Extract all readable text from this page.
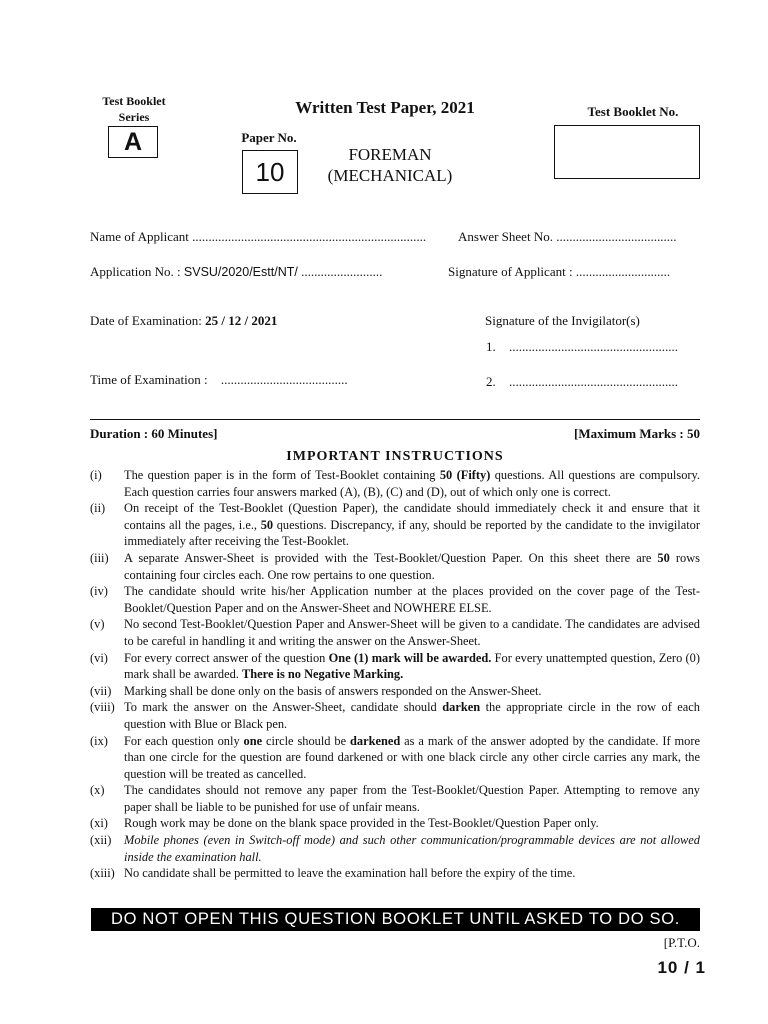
Test Booklet Series
A
Written Test Paper, 2021
Paper No.
10
FOREMAN
(MECHANICAL)
Test Booklet No.
Name of Applicant ........................................................................ Answer Sheet No. .....................................
Application No. : SVSU/2020/Estt/NT/ .........................	Signature of Applicant : .............................
Date of Examination: 25 / 12 / 2021	Signature of the Invigilator(s)
1. ....................................................
Time of Examination : .......................................	2. ....................................................
Duration : 60 Minutes]	[Maximum Marks : 50
IMPORTANT INSTRUCTIONS
(i)	The question paper is in the form of Test-Booklet containing 50 (Fifty) questions. All questions are compulsory. Each question carries four answers marked (A), (B), (C) and (D), out of which only one is correct.
(ii)	On receipt of the Test-Booklet (Question Paper), the candidate should immediately check it and ensure that it contains all the pages, i.e., 50 questions. Discrepancy, if any, should be reported by the candidate to the invigilator immediately after receiving the Test-Booklet.
(iii)	A separate Answer-Sheet is provided with the Test-Booklet/Question Paper. On this sheet there are 50 rows containing four circles each. One row pertains to one question.
(iv)	The candidate should write his/her Application number at the places provided on the cover page of the Test-Booklet/Question Paper and on the Answer-Sheet and NOWHERE ELSE.
(v)	No second Test-Booklet/Question Paper and Answer-Sheet will be given to a candidate. The candidates are advised to be careful in handling it and writing the answer on the Answer-Sheet.
(vi)	For every correct answer of the question One (1) mark will be awarded. For every unattempted question, Zero (0) mark shall be awarded. There is no Negative Marking.
(vii)	Marking shall be done only on the basis of answers responded on the Answer-Sheet.
(viii) To mark the answer on the Answer-Sheet, candidate should darken the appropriate circle in the row of each question with Blue or Black pen.
(ix)	For each question only one circle should be darkened as a mark of the answer adopted by the candidate. If more than one circle for the question are found darkened or with one black circle any other circle carries any mark, the question will be treated as cancelled.
(x)	The candidates should not remove any paper from the Test-Booklet/Question Paper. Attempting to remove any paper shall be liable to be punished for use of unfair means.
(xi)	Rough work may be done on the blank space provided in the Test-Booklet/Question Paper only.
(xii)	Mobile phones (even in Switch-off mode) and such other communication/programmable devices are not allowed inside the examination hall.
(xiii) No candidate shall be permitted to leave the examination hall before the expiry of the time.
DO NOT OPEN THIS QUESTION BOOKLET UNTIL ASKED TO DO SO.
[P.T.O.
10 / 1
